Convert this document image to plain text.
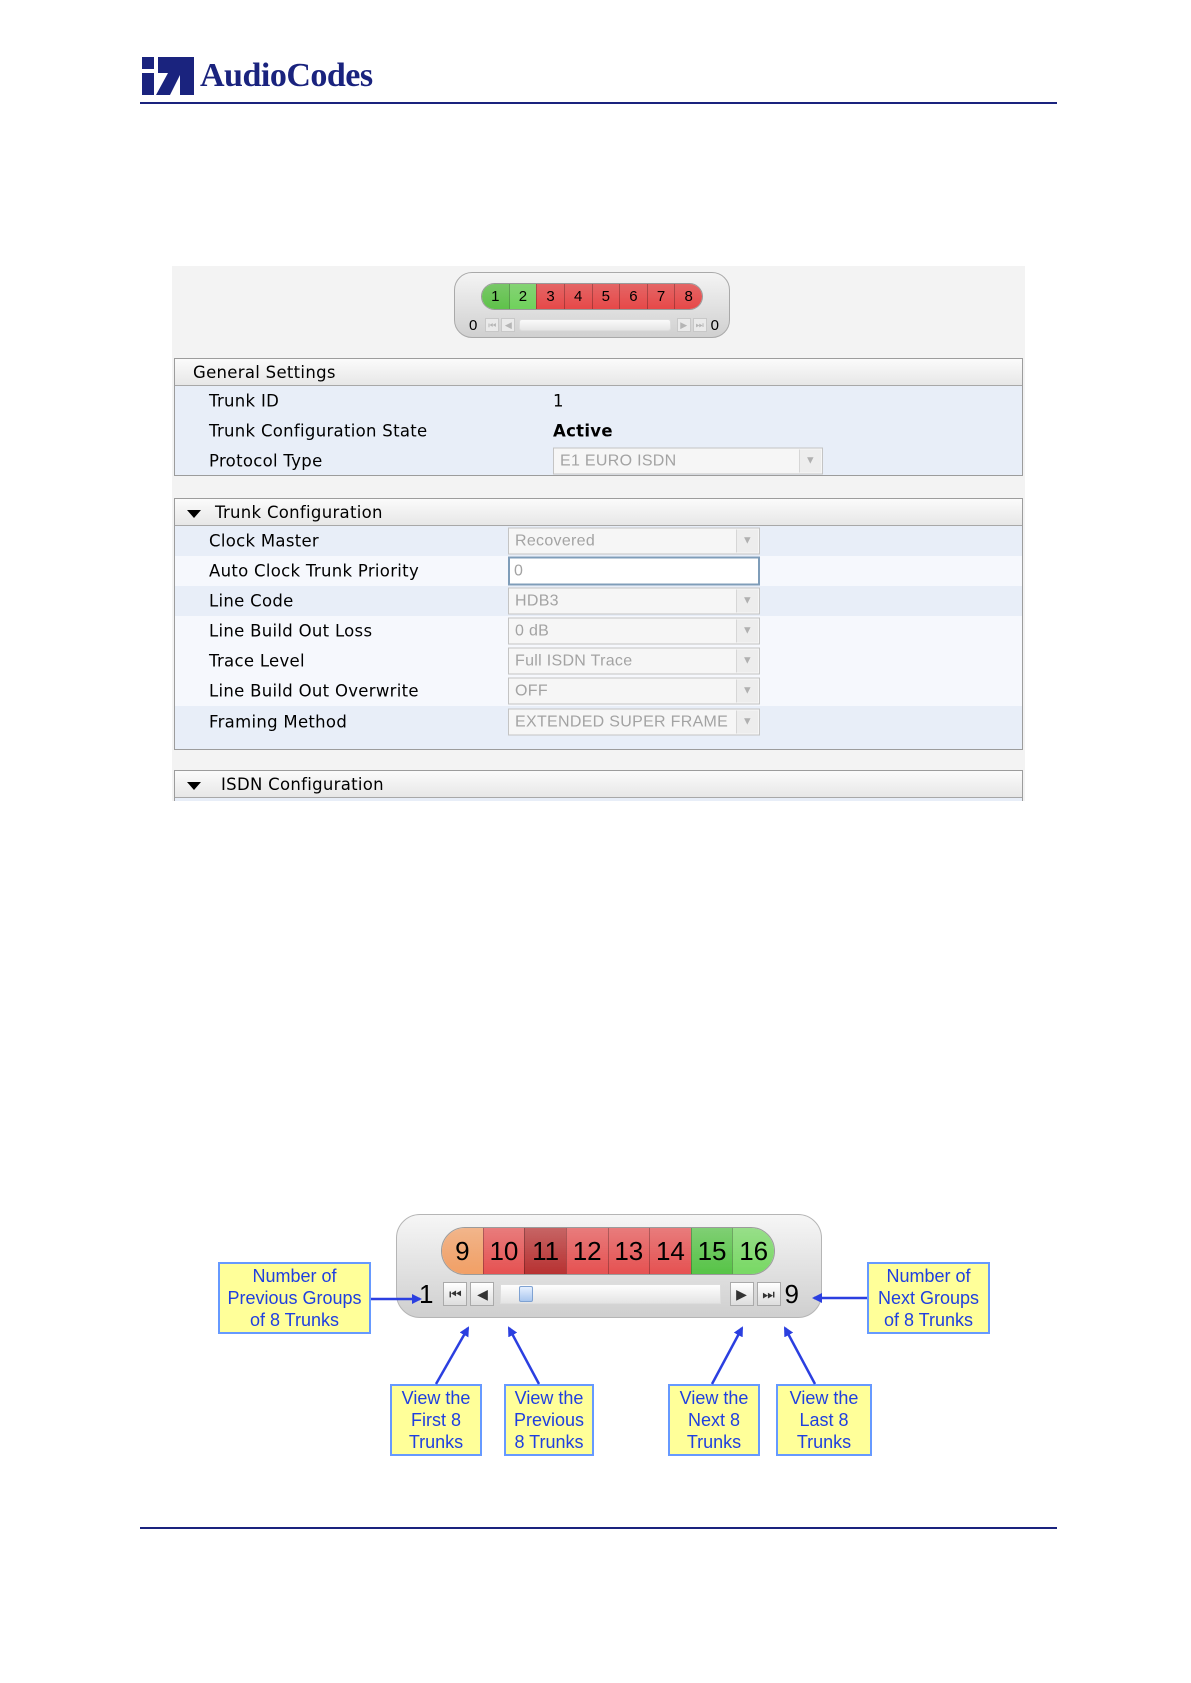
AudioCodes
1	2	3	4	5	6	7	8
0	⏮ ◀	▶ ⏭ 0
General Settings
Trunk ID	1
Trunk Configuration State	Active
Protocol Type	E1 EURO ISDN	▼
Trunk Configuration
Clock Master	Recovered	▼
Auto Clock Trunk Priority	0
Line Code	HDB3	▼
Line Build Out Loss	0 dB	▼
Trace Level	Full ISDN Trace	▼
Line Build Out Overwrite	OFF	▼
Framing Method	EXTENDED SUPER FRAME	▼
ISDN Configuration
9 10 11 12 13 14 15 16
1	⏮	◀	▶	⏭ 9
Number of
Previous Groups
of 8 Trunks
Number of
Next Groups
of 8 Trunks
View the
First 8
Trunks
View the
Previous
8 Trunks
View the
Next 8
Trunks
View the
Last 8
Trunks
